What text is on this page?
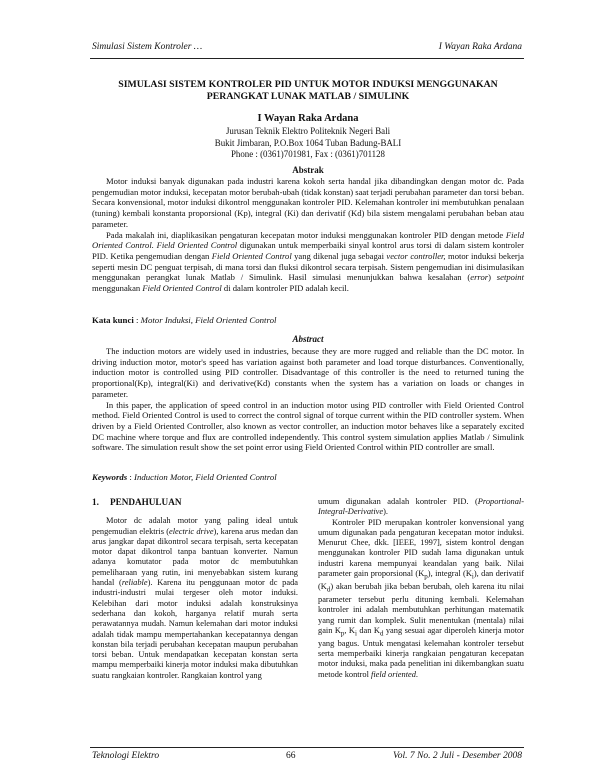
Simulasi Sistem Kontroler …	I Wayan Raka Ardana
SIMULASI SISTEM KONTROLER PID UNTUK MOTOR INDUKSI MENGGUNAKAN PERANGKAT LUNAK MATLAB / SIMULINK
I Wayan Raka Ardana
Jurusan Teknik Elektro Politeknik Negeri Bali
Bukit Jimbaran, P.O.Box 1064 Tuban Badung-BALI
Phone : (0361)701981, Fax : (0361)701128
Abstrak

Motor induksi banyak digunakan pada industri karena kokoh serta handal jika dibandingkan dengan motor dc. Pada pengemudian motor induksi, kecepatan motor berubah-ubah (tidak konstan) saat terjadi perubahan parameter dan torsi beban. Secara konvensional, motor induksi dikontrol menggunakan kontroler PID. Kelemahan kontroler ini membutuhkan penalaan (tuning) kembali konstanta proporsional (Kp), integral (Ki) dan derivatif (Kd) bila sistem mengalami perubahan beban atau parameter.

Pada makalah ini, diaplikasikan pengaturan kecepatan motor induksi menggunakan kontroler PID dengan metode Field Oriented Control. Field Oriented Control digunakan untuk memperbaiki sinyal kontrol arus torsi di dalam sistem kontroler PID. Ketika pengemudian dengan Field Oriented Control yang dikenal juga sebagai vector controller, motor induksi bekerja seperti mesin DC penguat terpisah, di mana torsi dan fluksi dikontrol secara terpisah. Sistem pengemudian ini disimulasikan menggunakan perangkat lunak Matlab / Simulink. Hasil simulasi menunjukkan bahwa kesalahan (error) setpoint menggunakan Field Oriented Control di dalam kontroler PID adalah kecil.

Kata kunci : Motor Induksi, Field Oriented Control
Abstract

The induction motors are widely used in industries, because they are more rugged and reliable than the DC motor. In driving induction motor, motor's speed has variation against both parameter and load torque disturbances. Conventionally, induction motor is controlled using PID controller. Disadvantage of this controller is the need to returned tuning the proportional(Kp), integral(Ki) and derivative(Kd) constants when the system has a variation on loads or changes in parameter.

In this paper, the application of speed control in an induction motor using PID controller with Field Oriented Control method. Field Oriented Control is used to correct the control signal of torque current within the PID controller system. When driven by a Field Oriented Controller, also known as vector controller, an induction motor behaves like a separately excited DC machine where torque and flux are controlled independently. This control system simulation applies Matlab / Simulink software. The simulation result show the set point error using Field Oriented Control within PID controller are small.

Keywords : Induction Motor, Field Oriented Control

1. PENDAHULUAN

Motor dc adalah motor yang paling ideal untuk pengemudian elektris (electric drive), karena arus medan dan arus jangkar dapat dikontrol secara terpisah, serta kecepatan motor dapat dikontrol tanpa bantuan konverter. Namun adanya komutator pada motor dc membutuhkan pemeliharaan yang rutin, ini menyebabkan sistem kurang handal (reliable). Karena itu penggunaan motor dc pada industri-industri mulai tergeser oleh motor induksi. Kelebihan dari motor induksi adalah konstruksinya sederhana dan kokoh, harganya relatif murah serta perawatannya mudah. Namun kelemahan dari motor induksi adalah tidak mampu mempertahankan kecepatannya dengan konstan bila terjadi perubahan kecepatan maupun perubahan torsi beban. Untuk mendapatkan kecepatan konstan serta mampu memperbaiki kinerja motor induksi maka dibutuhkan suatu rangkaian kontroler. Rangkaian kontrol yang

umum digunakan adalah kontroler PID. (Proportional-Integral-Derivative).

Kontroler PID merupakan kontroler konvensional yang umum digunakan pada pengaturan kecepatan motor induksi. Menurut Chee, dkk. [IEEE, 1997], sistem kontrol dengan menggunakan kontroler PID sudah lama digunakan untuk industri karena mempunyai keandalan yang baik. Nilai parameter gain proporsional $(K_p)$, integral $(K_i)$, dan derivatif $(K_d)$ akan berubah jika beban berubah, oleh karena itu nilai parameter tersebut perlu dituning kembali. Kelemahan kontroler ini adalah membutuhkan perhitungan matematik yang rumit dan komplek. Sulit menentukan (mentala) nilai gain $K_p$, $K_i$ dan $K_d$ yang sesuai agar diperoleh kinerja motor yang bagus. Untuk mengatasi kelemahan kontroler tersebut serta memperbaiki kinerja rangkaian pengaturan kecepatan motor induksi, maka pada penelitian ini dikembangkan suatu metode kontrol field oriented.

Teknologi Elektro	66	Vol. 7 No. 2 Juli - Desember 2008
